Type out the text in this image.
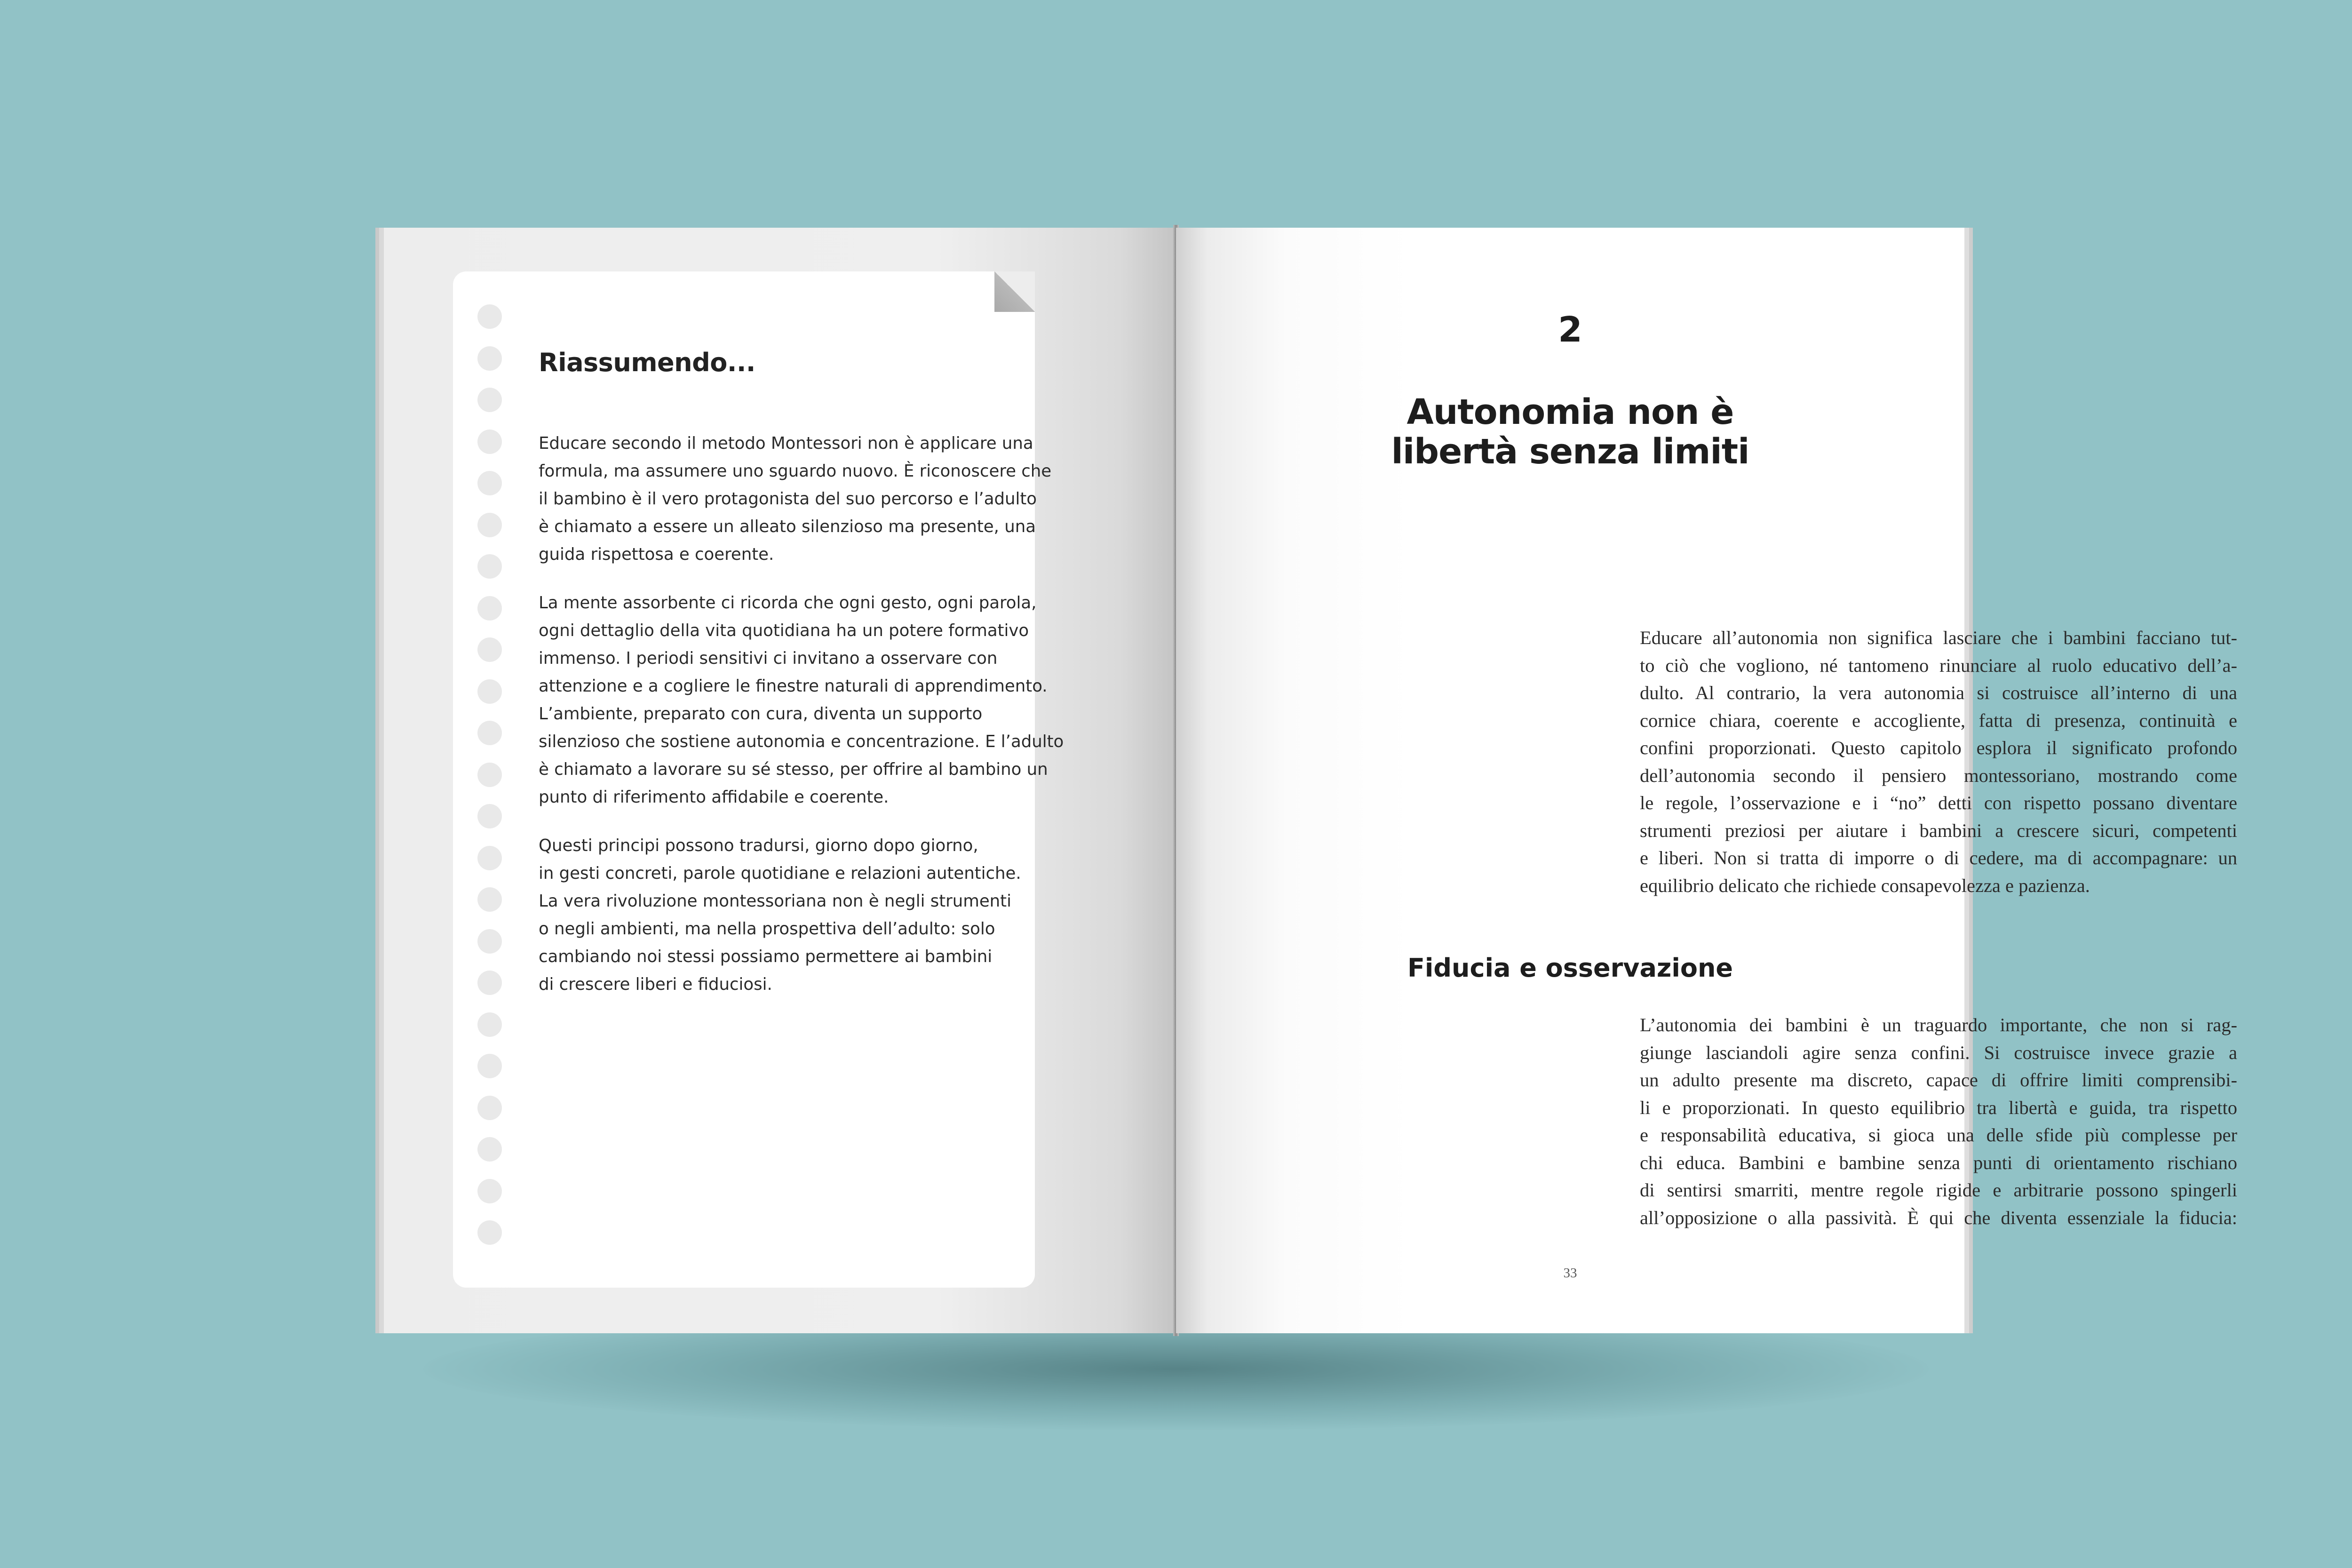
Riassumendo...

Educare secondo il metodo Montessori non è applicare una
formula, ma assumere uno sguardo nuovo. È riconoscere che
il bambino è il vero protagonista del suo percorso e l’adulto
è chiamato a essere un alleato silenzioso ma presente, una
guida rispettosa e coerente.

La mente assorbente ci ricorda che ogni gesto, ogni parola,
ogni dettaglio della vita quotidiana ha un potere formativo
immenso. I periodi sensitivi ci invitano a osservare con
attenzione e a cogliere le finestre naturali di apprendimento.
L’ambiente, preparato con cura, diventa un supporto
silenzioso che sostiene autonomia e concentrazione. E l’adulto
è chiamato a lavorare su sé stesso, per offrire al bambino un
punto di riferimento affidabile e coerente.

Questi principi possono tradursi, giorno dopo giorno,
in gesti concreti, parole quotidiane e relazioni autentiche.
La vera rivoluzione montessoriana non è negli strumenti
o negli ambienti, ma nella prospettiva dell’adulto: solo
cambiando noi stessi possiamo permettere ai bambini
di crescere liberi e fiduciosi.

2
Autonomia non è
libertà senza limiti
Educare all’autonomia non significa lasciare che i bambini facciano tut-
to ciò che vogliono, né tantomeno rinunciare al ruolo educativo dell’a-
dulto. Al contrario, la vera autonomia si costruisce all’interno di una
cornice chiara, coerente e accogliente, fatta di presenza, continuità e
confini proporzionati. Questo capitolo esplora il significato profondo
dell’autonomia secondo il pensiero montessoriano, mostrando come
le regole, l’osservazione e i “no” detti con rispetto possano diventare
strumenti preziosi per aiutare i bambini a crescere sicuri, competenti
e liberi. Non si tratta di imporre o di cedere, ma di accompagnare: un
equilibrio delicato che richiede consapevolezza e pazienza.
Fiducia e osservazione
L’autonomia dei bambini è un traguardo importante, che non si rag-
giunge lasciandoli agire senza confini. Si costruisce invece grazie a
un adulto presente ma discreto, capace di offrire limiti comprensibi-
li e proporzionati. In questo equilibrio tra libertà e guida, tra rispetto
e responsabilità educativa, si gioca una delle sfide più complesse per
chi educa. Bambini e bambine senza punti di orientamento rischiano
di sentirsi smarriti, mentre regole rigide e arbitrarie possono spingerli
all’opposizione o alla passività. È qui che diventa essenziale la fiducia:
33
